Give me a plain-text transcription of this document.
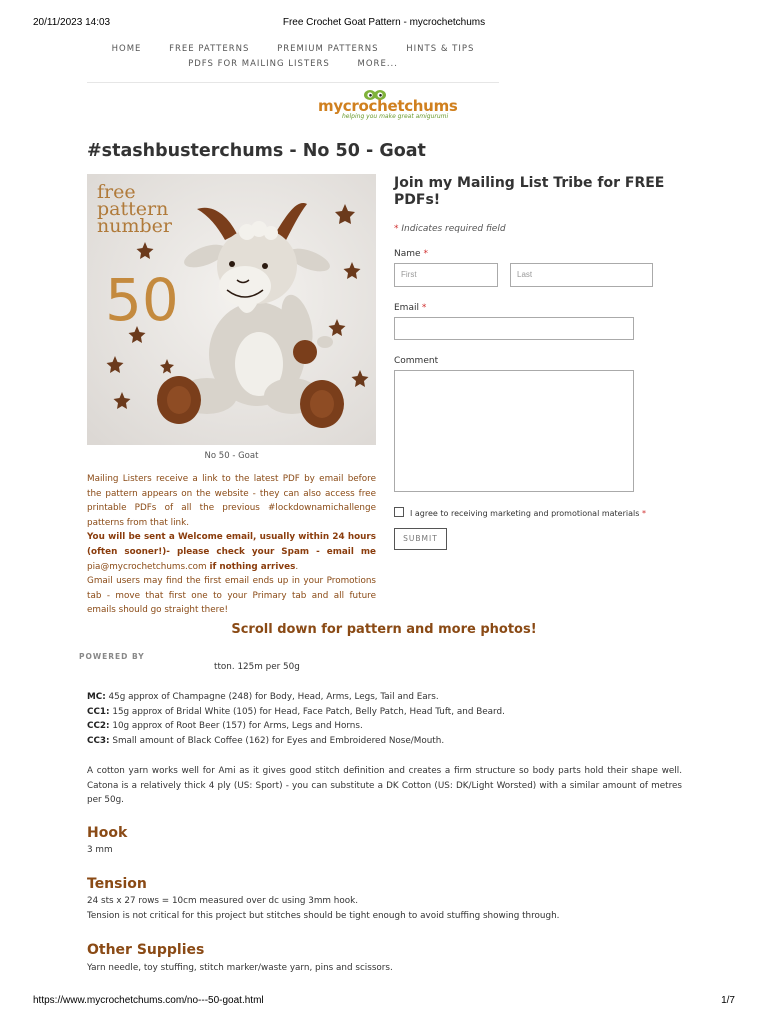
20/11/2023 14:03	Free Crochet Goat Pattern - mycrochetchums
HOME	FREE PATTERNS	PREMIUM PATTERNS	HINTS & TIPS
PDFS FOR MAILING LISTERS	MORE...
mycrochetchums
helping you make great amigurumi
#stashbusterchums - No 50 - Goat
free
pattern
number
50
No 50 - Goat

Mailing Listers receive a link to the latest PDF by email before the pattern appears on the website - they can also access free printable PDFs of all the previous #lockdownamichallenge patterns from that link.

You will be sent a Welcome email, usually within 24 hours (often sooner!)- please check your Spam - email me pia@mycrochetchums.com if nothing arrives.

Gmail users may find the first email ends up in your Promotions tab - move that first one to your Primary tab and all future emails should go straight there!

Join my Mailing List Tribe for FREE PDFs!
* Indicates required field
Name *
First	Last
Email *
Comment
I agree to receiving marketing and promotional materials *
SUBMIT
Scroll down for pattern and more photos!
POWERED BY
tton. 125m per 50g

MC: 45g approx of Champagne (248) for Body, Head, Arms, Legs, Tail and Ears.

CC1: 15g approx of Bridal White (105) for Head, Face Patch, Belly Patch, Head Tuft, and Beard.

CC2: 10g approx of Root Beer (157) for Arms, Legs and Horns.

CC3: Small amount of Black Coffee (162) for Eyes and Embroidered Nose/Mouth.

A cotton yarn works well for Ami as it gives good stitch definition and creates a firm structure so body parts hold their shape well. Catona is a relatively thick 4 ply (US: Sport) - you can substitute a DK Cotton (US: DK/Light Worsted) with a similar amount of metres per 50g.
Hook
3 mm
Tension

24 sts x 27 rows = 10cm measured over dc using 3mm hook.

Tension is not critical for this project but stitches should be tight enough to avoid stuffing showing through.

Other Supplies
Yarn needle, toy stuffing, stitch marker/waste yarn, pins and scissors.
https://www.mycrochetchums.com/no---50-goat.html	1/7
